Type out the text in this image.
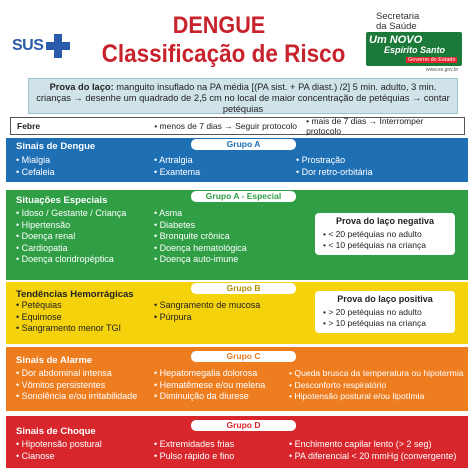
SUS
DENGUE
Classificação de Risco
Secretaria
da Saúde
Um NOVO
Espírito Santo
Governo do Estado
www.es.gov.br
Prova do laço: manguito insuflado na PA média [(PA sist. + PA diast.) /2] 5 min. adulto, 3 min. crianças → desenhe um quadrado de 2,5 cm no local de maior concentração de petéquias → contar petéquias
Febre	• menos de 7 dias → Seguir protocolo	• mais de 7 dias → Interromper protocolo
Sinais de Dengue	Grupo A
• Mialgia
• Cefaleia
• Artralgia
• Exantema
• Prostração
• Dor retro-orbitária
Situações Especiais	Grupo A - Especial
• Idoso / Gestante / Criança
• Hipertensão
• Doença renal
• Cardiopatia
• Doença cloridropéptica
• Asma
• Diabetes
• Bronquite crônica
• Doença hematológica
• Doença auto-imune
Prova do laço negativa
• < 20 petéquias no adulto
• < 10 petéquias na criança
Tendências Hemorrágicas
Grupo B
• Petéquias
• Equimose
• Sangramento menor TGI
• Sangramento de mucosa
• Púrpura
Prova do laço positiva
• > 20 petéquias no adulto
• > 10 petéquias na criança
Sinais de Alarme	Grupo C
• Dor abdominal intensa
• Vômitos persistentes
• Sonolência e/ou irritabilidade
• Hepatomegalia dolorosa
• Hematêmese e/ou melena
• Diminuição da diurese
• Queda brusca da temperatura ou hipotermia
• Desconforto respiratório
• Hipotensão postural e/ou lipotímia
Sinais de Choque
Grupo D
• Hipotensão postural
• Cianose
• Extremidades frias
• Pulso rápido e fino
• Enchimento capilar lento (> 2 seg)
• PA diferencial < 20 mmHg (convergente)
